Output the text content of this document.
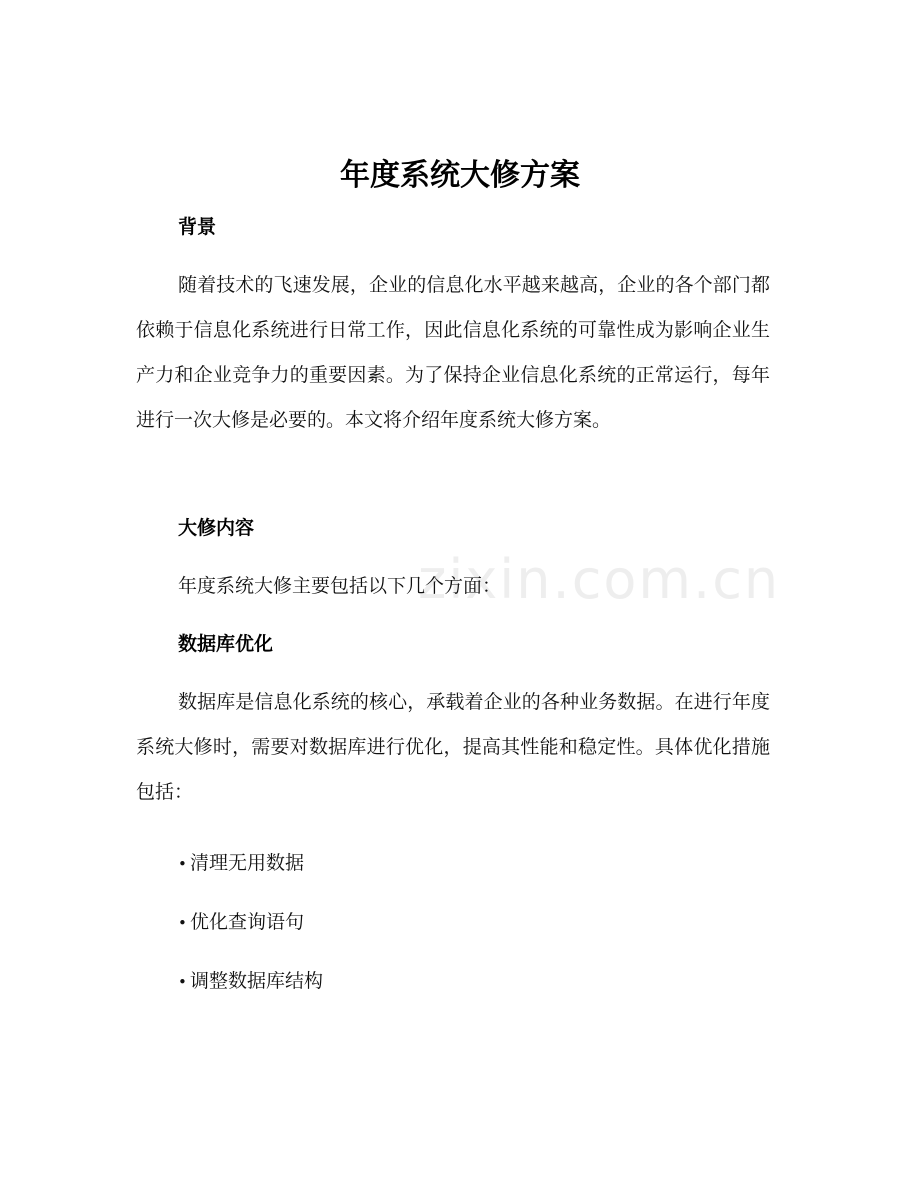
zixin.com.cn
年度系统大修方案
背景

随着技术的飞速发展，企业的信息化水平越来越高，企业的各个部门都依赖于信息化系统进行日常工作，因此信息化系统的可靠性成为影响企业生产力和企业竞争力的重要因素。为了保持企业信息化系统的正常运行，每年进行一次大修是必要的。本文将介绍年度系统大修方案。

大修内容

年度系统大修主要包括以下几个方面：

数据库优化

数据库是信息化系统的核心，承载着企业的各种业务数据。在进行年度系统大修时，需要对数据库进行优化，提高其性能和稳定性。具体优化措施包括：

• 清理无用数据
• 优化查询语句
• 调整数据库结构
